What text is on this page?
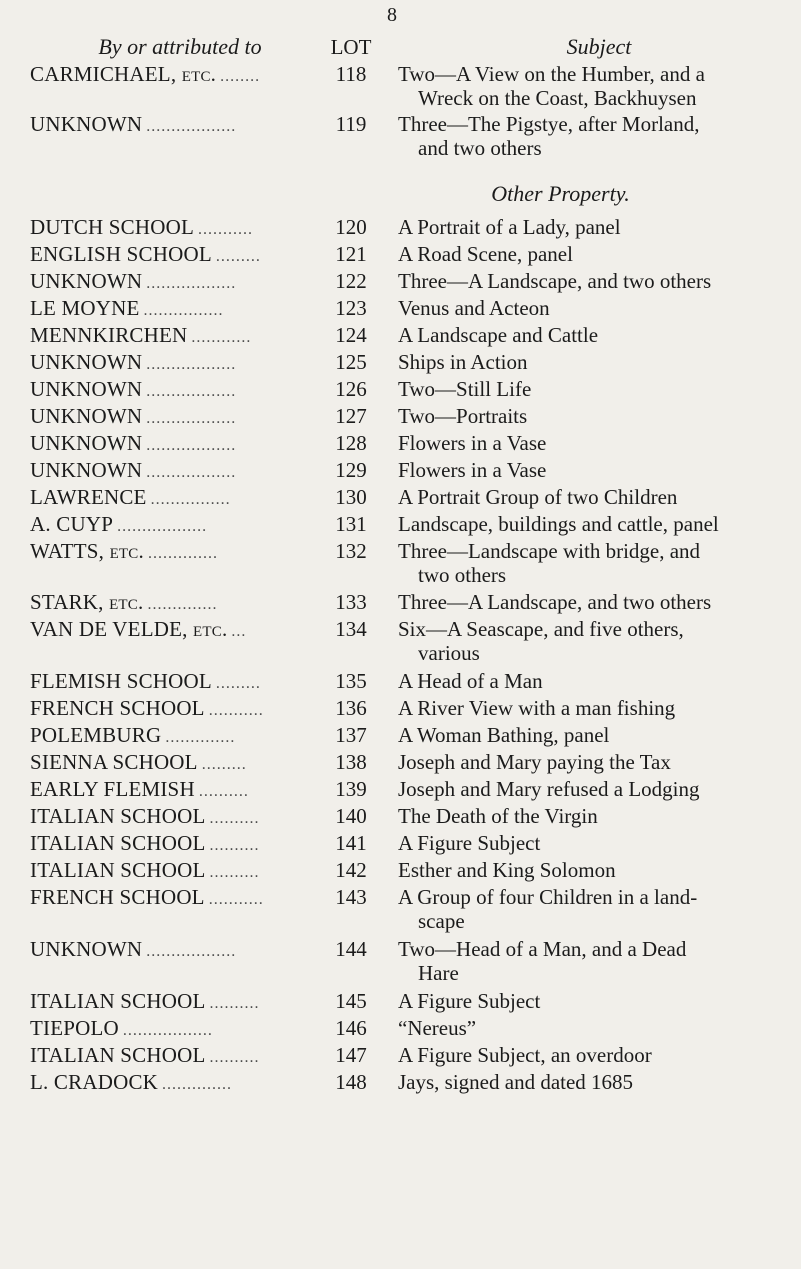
8
By or attributed to	LOT	Subject
CARMICHAEL, etc. ........	118	Two—A View on the Humber, and a
Wreck on the Coast, Backhuysen
UNKNOWN ..................	119	Three—The Pigstye, after Morland,
and two others
Other Property.
DUTCH SCHOOL ...........	120	A Portrait of a Lady, panel
ENGLISH SCHOOL .........	121	A Road Scene, panel
UNKNOWN ..................	122	Three—A Landscape, and two others
LE MOYNE ................	123	Venus and Acteon
MENNKIRCHEN ............	124	A Landscape and Cattle
UNKNOWN ..................	125	Ships in Action
UNKNOWN ..................	126	Two—Still Life
UNKNOWN ..................	127	Two—Portraits
UNKNOWN ..................	128	Flowers in a Vase
UNKNOWN ..................	129	Flowers in a Vase
LAWRENCE ................	130	A Portrait Group of two Children
A. CUYP ..................	131	Landscape, buildings and cattle, panel
WATTS, etc. ..............	132	Three—Landscape with bridge, and
two others
STARK, etc. ..............	133	Three—A Landscape, and two others
VAN DE VELDE, etc. ...	134	Six—A Seascape, and five others,
various
FLEMISH SCHOOL .........	135	A Head of a Man
FRENCH SCHOOL ...........	136	A River View with a man fishing
POLEMBURG ..............	137	A Woman Bathing, panel
SIENNA SCHOOL .........	138	Joseph and Mary paying the Tax
EARLY FLEMISH ..........	139	Joseph and Mary refused a Lodging
ITALIAN SCHOOL ..........	140	The Death of the Virgin
ITALIAN SCHOOL ..........	141	A Figure Subject
ITALIAN SCHOOL ..........	142	Esther and King Solomon
FRENCH SCHOOL ...........	143	A Group of four Children in a land-
scape
UNKNOWN ..................	144	Two—Head of a Man, and a Dead
Hare
ITALIAN SCHOOL ..........	145	A Figure Subject
TIEPOLO ..................	146	“Nereus”
ITALIAN SCHOOL ..........	147	A Figure Subject, an overdoor
L. CRADOCK ..............	148	Jays, signed and dated 1685
